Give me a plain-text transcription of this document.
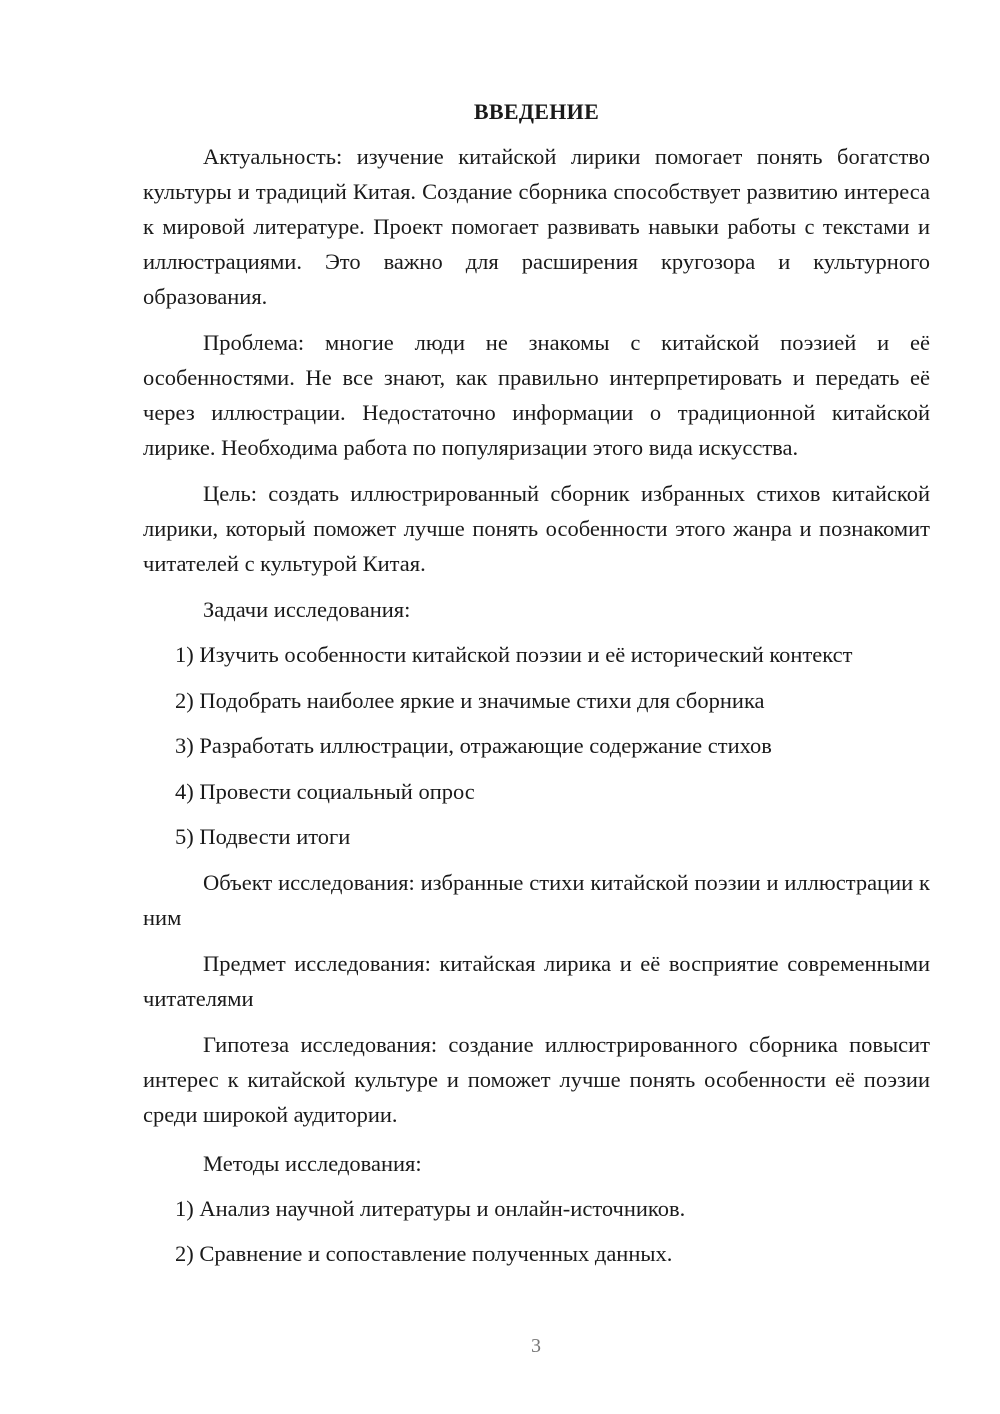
ВВЕДЕНИЕ

Актуальность: изучение китайской лирики помогает понять богатство культуры и традиций Китая. Создание сборника способствует развитию интереса к мировой литературе. Проект помогает развивать навыки работы с текстами и иллюстрациями. Это важно для расширения кругозора и культурного образования.

Проблема: многие люди не знакомы с китайской поэзией и её особенностями. Не все знают, как правильно интерпретировать и передать её через иллюстрации. Недостаточно информации о традиционной китайской лирике. Необходима работа по популяризации этого вида искусства.

Цель: создать иллюстрированный сборник избранных стихов китайской лирики, который поможет лучше понять особенности этого жанра и познакомит читателей с культурой Китая.

Задачи исследования:

1) Изучить особенности китайской поэзии и её исторический контекст

2) Подобрать наиболее яркие и значимые стихи для сборника

3) Разработать иллюстрации, отражающие содержание стихов

4) Провести социальный опрос

5) Подвести итоги

Объект исследования: избранные стихи китайской поэзии и иллюстрации к ним

Предмет исследования: китайская лирика и её восприятие современными читателями

Гипотеза исследования: создание иллюстрированного сборника повысит интерес к китайской культуре и поможет лучше понять особенности её поэзии среди широкой аудитории.

Методы исследования:

1) Анализ научной литературы и онлайн-источников.

2) Сравнение и сопоставление полученных данных.

3
